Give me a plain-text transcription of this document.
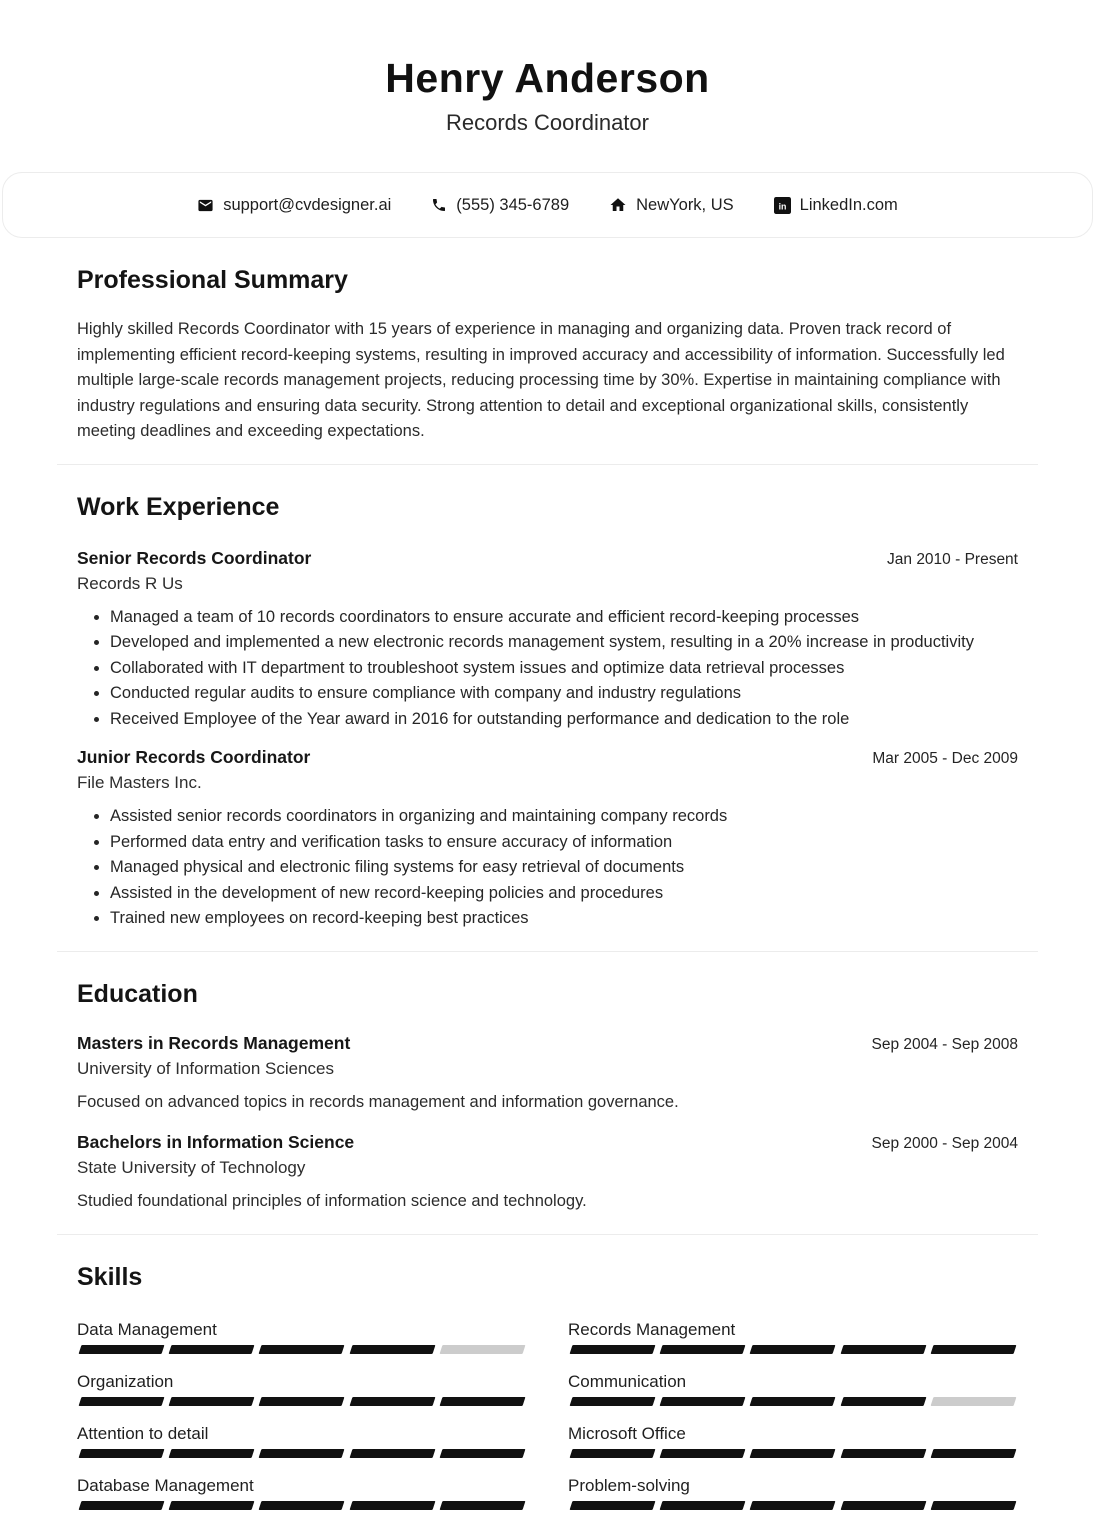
Henry Anderson
Records Coordinator
support@cvdesigner.ai	(555) 345-6789	NewYork, US	in LinkedIn.com
Professional Summary

Highly skilled Records Coordinator with 15 years of experience in managing and organizing data. Proven track record of implementing efficient record-keeping systems, resulting in improved accuracy and accessibility of information. Successfully led multiple large-scale records management projects, reducing processing time by 30%. Expertise in maintaining compliance with industry regulations and ensuring data security. Strong attention to detail and exceptional organizational skills, consistently meeting deadlines and exceeding expectations.

Work Experience
Senior Records Coordinator	Jan 2010 - Present
Records R Us
• Managed a team of 10 records coordinators to ensure accurate and efficient record-keeping processes
• Developed and implemented a new electronic records management system, resulting in a 20% increase in productivity
• Collaborated with IT department to troubleshoot system issues and optimize data retrieval processes
• Conducted regular audits to ensure compliance with company and industry regulations
• Received Employee of the Year award in 2016 for outstanding performance and dedication to the role
Junior Records Coordinator	Mar 2005 - Dec 2009
File Masters Inc.
• Assisted senior records coordinators in organizing and maintaining company records
• Performed data entry and verification tasks to ensure accuracy of information
• Managed physical and electronic filing systems for easy retrieval of documents
• Assisted in the development of new record-keeping policies and procedures
• Trained new employees on record-keeping best practices
Education
Masters in Records Management	Sep 2004 - Sep 2008
University of Information Sciences
Focused on advanced topics in records management and information governance.
Bachelors in Information Science	Sep 2000 - Sep 2004
State University of Technology
Studied foundational principles of information science and technology.
Skills
Data Management	Records Management
Organization	Communication
Attention to detail	Microsoft Office
Database Management	Problem-solving
